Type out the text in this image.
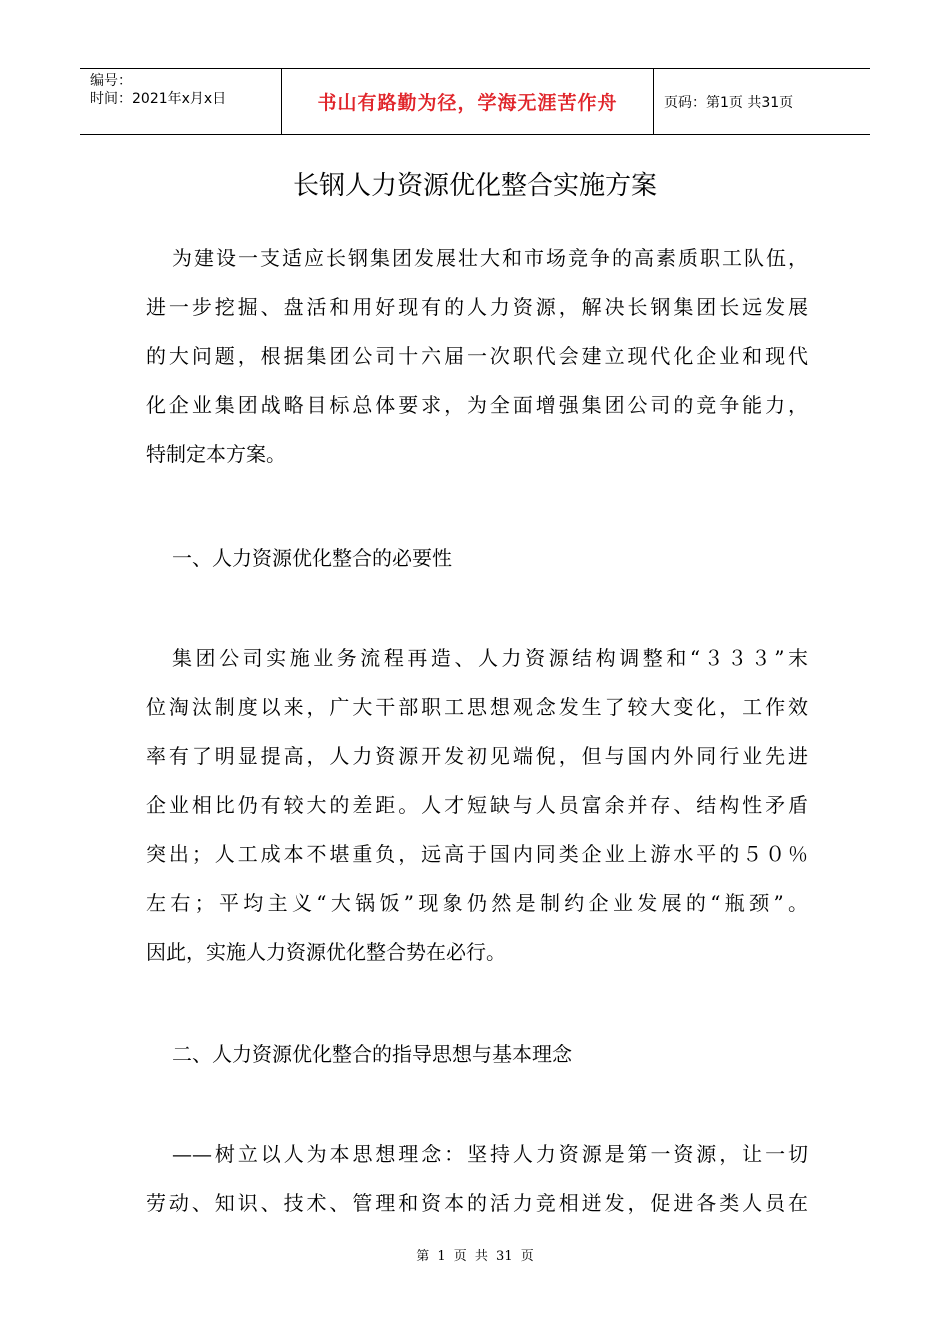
编号：
时间：2021年x月x日	书山有路勤为径，学海无涯苦作舟	页码：第1页 共31页
长钢人力资源优化整合实施方案
为建设一支适应长钢集团发展壮大和市场竞争的高素质职工队伍，
进一步挖掘、盘活和用好现有的人力资源，解决长钢集团长远发展
的大问题，根据集团公司十六届一次职代会建立现代化企业和现代
化企业集团战略目标总体要求，为全面增强集团公司的竞争能力，
特制定本方案。
一、人力资源优化整合的必要性
集团公司实施业务流程再造、人力资源结构调整和“３３３”末
位淘汰制度以来，广大干部职工思想观念发生了较大变化，工作效
率有了明显提高，人力资源开发初见端倪，但与国内外同行业先进
企业相比仍有较大的差距。人才短缺与人员富余并存、结构性矛盾
突出；人工成本不堪重负，远高于国内同类企业上游水平的５０％
左右；平均主义“大锅饭”现象仍然是制约企业发展的“瓶颈”。
因此，实施人力资源优化整合势在必行。
二、人力资源优化整合的指导思想与基本理念
——树立以人为本思想理念：坚持人力资源是第一资源，让一切
劳动、知识、技术、管理和资本的活力竞相迸发，促进各类人员在
第 1 页 共 31 页
